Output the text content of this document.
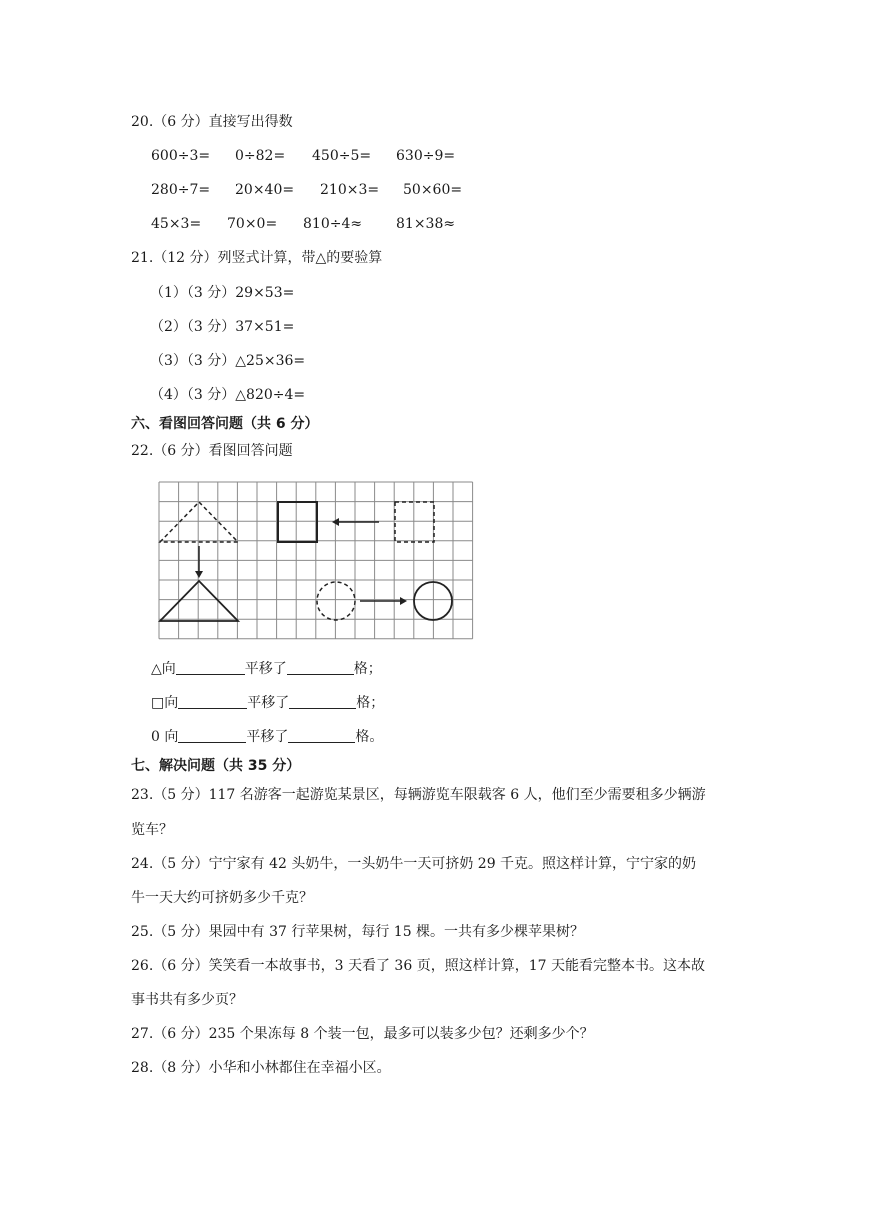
20.（6 分）直接写出得数
600÷3= 0÷82= 450÷5= 630÷9=
280÷7= 20×40= 210×3= 50×60=
45×3= 70×0= 810÷4≈ 81×38≈
21.（12 分）列竖式计算，带△的要验算
（1）（3 分）29×53=
（2）（3 分）37×51=
（3）（3 分）△25×36=
（4）（3 分）△820÷4=
六、看图回答问题（共 6 分）
22.（6 分）看图回答问题
△向	平移了	格；
□向	平移了	格；
0 向	平移了	格。
七、解决问题（共 35 分）
23.（5 分）117 名游客一起游览某景区，每辆游览车限载客 6 人，他们至少需要租多少辆游
览车？
24.（5 分）宁宁家有 42 头奶牛，一头奶牛一天可挤奶 29 千克。照这样计算，宁宁家的奶
牛一天大约可挤奶多少千克？
25.（5 分）果园中有 37 行苹果树，每行 15 棵。一共有多少棵苹果树？
26.（6 分）笑笑看一本故事书，3 天看了 36 页，照这样计算，17 天能看完整本书。这本故
事书共有多少页？
27.（6 分）235 个果冻每 8 个装一包，最多可以装多少包？还剩多少个？
28.（8 分）小华和小林都住在幸福小区。
